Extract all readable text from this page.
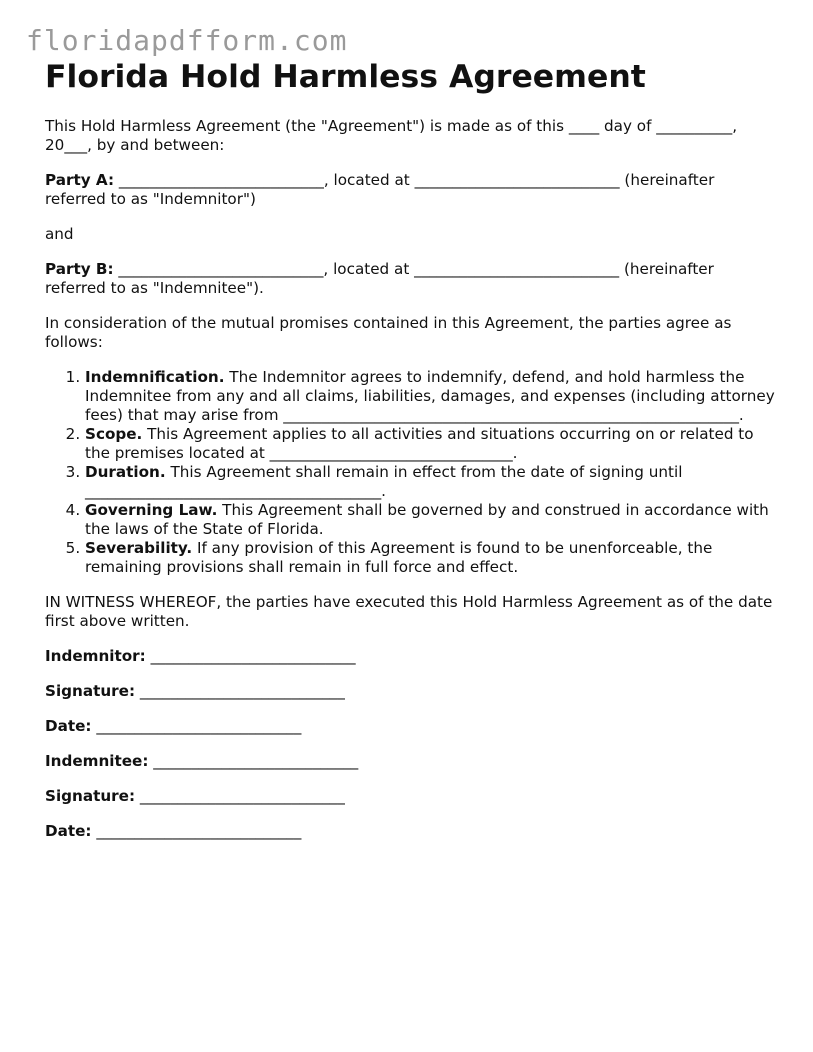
floridapdfform.com
Florida Hold Harmless Agreement

This Hold Harmless Agreement (the "Agreement") is made as of this ____ day of __________, 20___, by and between:

Party A: ___________________________, located at ___________________________ (hereinafter referred to as "Indemnitor")

and

Party B: ___________________________, located at ___________________________ (hereinafter referred to as "Indemnitee").

In consideration of the mutual promises contained in this Agreement, the parties agree as follows:

1. Indemnification. The Indemnitor agrees to indemnify, defend, and hold harmless the Indemnitee from any and all claims, liabilities, damages, and expenses (including attorney fees) that may arise from ____________________________________________________________.
2. Scope. This Agreement applies to all activities and situations occurring on or related to the premises located at ________________________________.
3. Duration. This Agreement shall remain in effect from the date of signing until _______________________________________.
4. Governing Law. This Agreement shall be governed by and construed in accordance with the laws of the State of Florida.
5. Severability. If any provision of this Agreement is found to be unenforceable, the remaining provisions shall remain in full force and effect.

IN WITNESS WHEREOF, the parties have executed this Hold Harmless Agreement as of the date first above written.

Indemnitor: ___________________________

Signature: ___________________________

Date: ___________________________

Indemnitee: ___________________________

Signature: ___________________________

Date: ___________________________
